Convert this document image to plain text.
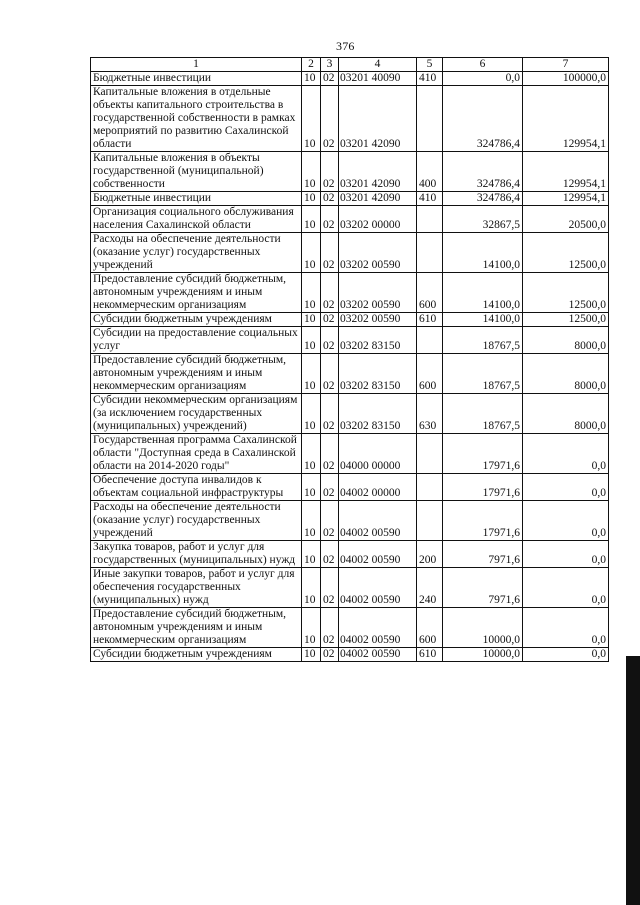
376
1	2	3	4	5	6	7
Бюджетные инвестиции	10	02	03201 40090	410	0,0	100000,0
Капитальные вложения в отдельные объекты капитального строительства в государственной собственности в рамках мероприятий по развитию Сахалинской области	10	02	03201 42090		324786,4	129954,1
Капитальные вложения в объекты государственной (муниципальной) собственности	10	02	03201 42090	400	324786,4	129954,1
Бюджетные инвестиции	10	02	03201 42090	410	324786,4	129954,1
Организация социального обслуживания населения Сахалинской области	10	02	03202 00000		32867,5	20500,0
Расходы на обеспечение деятельности (оказание услуг) государственных учреждений	10	02	03202 00590		14100,0	12500,0
Предоставление субсидий бюджетным, автономным учреждениям и иным некоммерческим организациям	10	02	03202 00590	600	14100,0	12500,0
Субсидии бюджетным учреждениям	10	02	03202 00590	610	14100,0	12500,0
Субсидии на предоставление социальных услуг	10	02	03202 83150		18767,5	8000,0
Предоставление субсидий бюджетным, автономным учреждениям и иным некоммерческим организациям	10	02	03202 83150	600	18767,5	8000,0
Субсидии некоммерческим организациям (за исключением государственных (муниципальных) учреждений)	10	02	03202 83150	630	18767,5	8000,0
Государственная программа Сахалинской области "Доступная среда в Сахалинской области на 2014-2020 годы"	10	02	04000 00000		17971,6	0,0
Обеспечение доступа инвалидов к объектам социальной инфраструктуры	10	02	04002 00000		17971,6	0,0
Расходы на обеспечение деятельности (оказание услуг) государственных учреждений	10	02	04002 00590		17971,6	0,0
Закупка товаров, работ и услуг для государственных (муниципальных) нужд	10	02	04002 00590	200	7971,6	0,0
Иные закупки товаров, работ и услуг для обеспечения государственных (муниципальных) нужд	10	02	04002 00590	240	7971,6	0,0
Предоставление субсидий бюджетным, автономным учреждениям и иным некоммерческим организациям	10	02	04002 00590	600	10000,0	0,0
Субсидии бюджетным учреждениям	10	02	04002 00590	610	10000,0	0,0
